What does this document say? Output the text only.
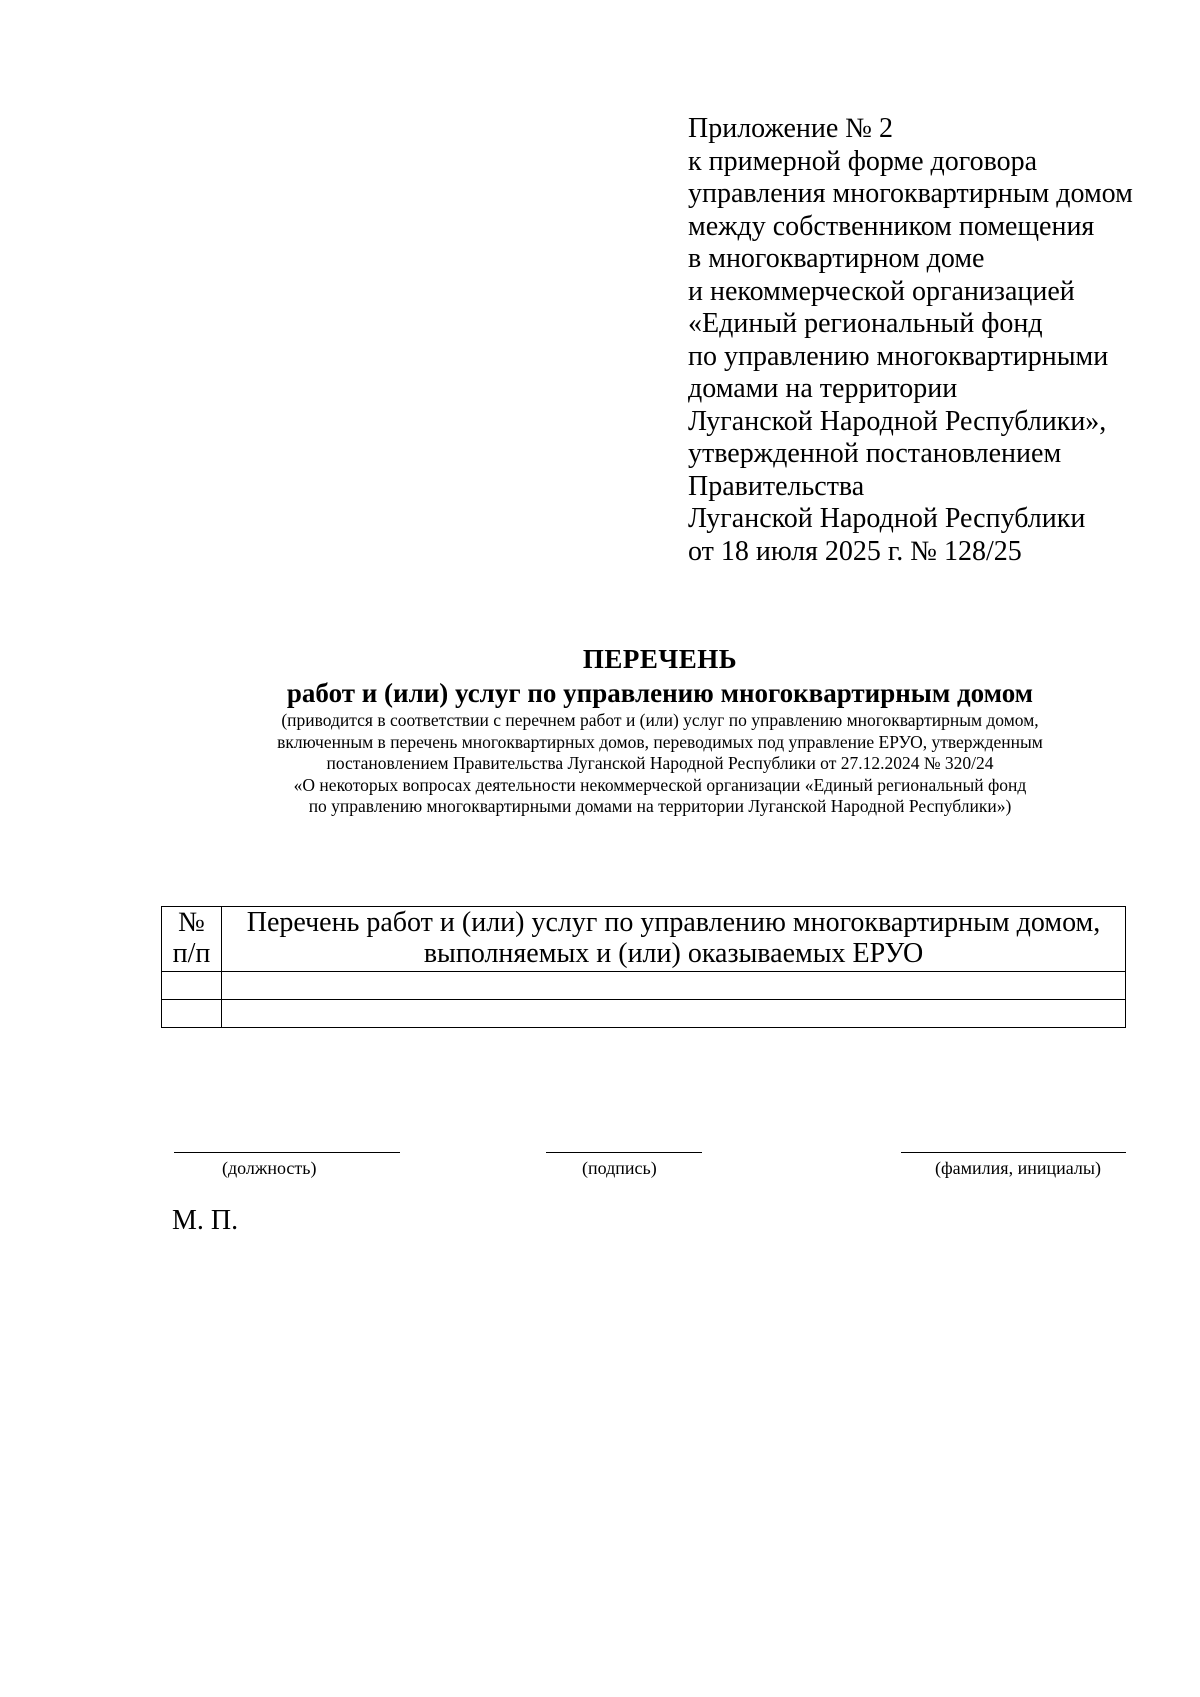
Приложение № 2
к примерной форме договора
управления многоквартирным домом
между собственником помещения
в многоквартирном доме
и некоммерческой организацией
«Единый региональный фонд
по управлению многоквартирными
домами на территории
Луганской Народной Республики»,
утвержденной постановлением
Правительства
Луганской Народной Республики
от 18 июля 2025 г. № 128/25
ПЕРЕЧЕНЬ
работ и (или) услуг по управлению многоквартирным домом
(приводится в соответствии с перечнем работ и (или) услуг по управлению многоквартирным домом,
включенным в перечень многоквартирных домов, переводимых под управление ЕРУО, утвержденным
постановлением Правительства Луганской Народной Республики от 27.12.2024 № 320/24
«О некоторых вопросах деятельности некоммерческой организации «Единый региональный фонд
по управлению многоквартирными домами на территории Луганской Народной Республики»)
№
п/п	Перечень работ и (или) услуг по управлению многоквартирным домом,
выполняемых и (или) оказываемых ЕРУО

(должность)	(подпись)	(фамилия, инициалы)
М. П.
